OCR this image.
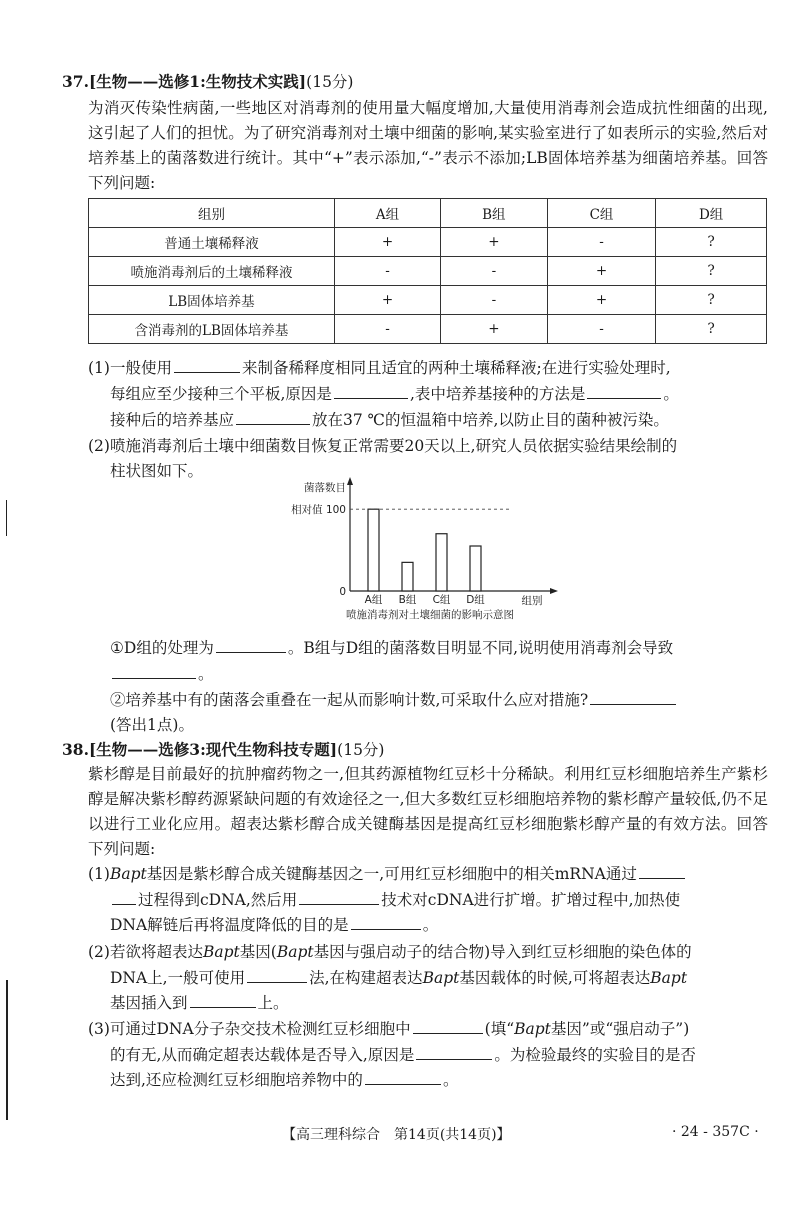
37.[生物——选修1:生物技术实践](15分)
为消灭传染性病菌,一些地区对消毒剂的使用量大幅度增加,大量使用消毒剂会造成抗性细菌的出现,这引起了人们的担忧。为了研究消毒剂对土壤中细菌的影响,某实验室进行了如表所示的实验,然后对培养基上的菌落数进行统计。其中“+”表示添加,“-”表示不添加;LB固体培养基为细菌培养基。回答下列问题:
组别	A组	B组	C组	D组
普通土壤稀释液	+	+	-	?
喷施消毒剂后的土壤稀释液	-	-	+	?
LB固体培养基	+	-	+	?
含消毒剂的LB固体培养基	-	+	-	?
(1)一般使用	来制备稀释度相同且适宜的两种土壤稀释液;在进行实验处理时,
每组应至少接种三个平板,原因是	,表中培养基接种的方法是	。
接种后的培养基应	放在37 ℃的恒温箱中培养,以防止目的菌种被污染。
(2)喷施消毒剂后土壤中细菌数目恢复正常需要20天以上,研究人员依据实验结果绘制的
柱状图如下。
菌落数目
0
相对值 100
A组 B组 C组 D组	组别
喷施消毒剂对土壤细菌的影响示意图
①D组的处理为	。B组与D组的菌落数目明显不同,说明使用消毒剂会导致
。
②培养基中有的菌落会重叠在一起从而影响计数,可采取什么应对措施?
(答出1点)。
38.[生物——选修3:现代生物科技专题](15分)
紫杉醇是目前最好的抗肿瘤药物之一,但其药源植物红豆杉十分稀缺。利用红豆杉细胞培养生产紫杉醇是解决紫杉醇药源紧缺问题的有效途径之一,但大多数红豆杉细胞培养物的紫杉醇产量较低,仍不足以进行工业化应用。超表达紫杉醇合成关键酶基因是提高红豆杉细胞紫杉醇产量的有效方法。回答下列问题:
(1)Bapt基因是紫杉醇合成关键酶基因之一,可用红豆杉细胞中的相关mRNA通过
过程得到cDNA,然后用	技术对cDNA进行扩增。扩增过程中,加热使
DNA解链后再将温度降低的目的是	。
(2)若欲将超表达Bapt基因(Bapt基因与强启动子的结合物)导入到红豆杉细胞的染色体的
DNA上,一般可使用	法,在构建超表达Bapt基因载体的时候,可将超表达Bapt
基因插入到	上。
(3)可通过DNA分子杂交技术检测红豆杉细胞中	(填“Bapt基因”或“强启动子”)
的有无,从而确定超表达载体是否导入,原因是	。为检验最终的实验目的是否
达到,还应检测红豆杉细胞培养物中的	。
【高三理科综合　第14页(共14页)】	· 24 - 357C ·
